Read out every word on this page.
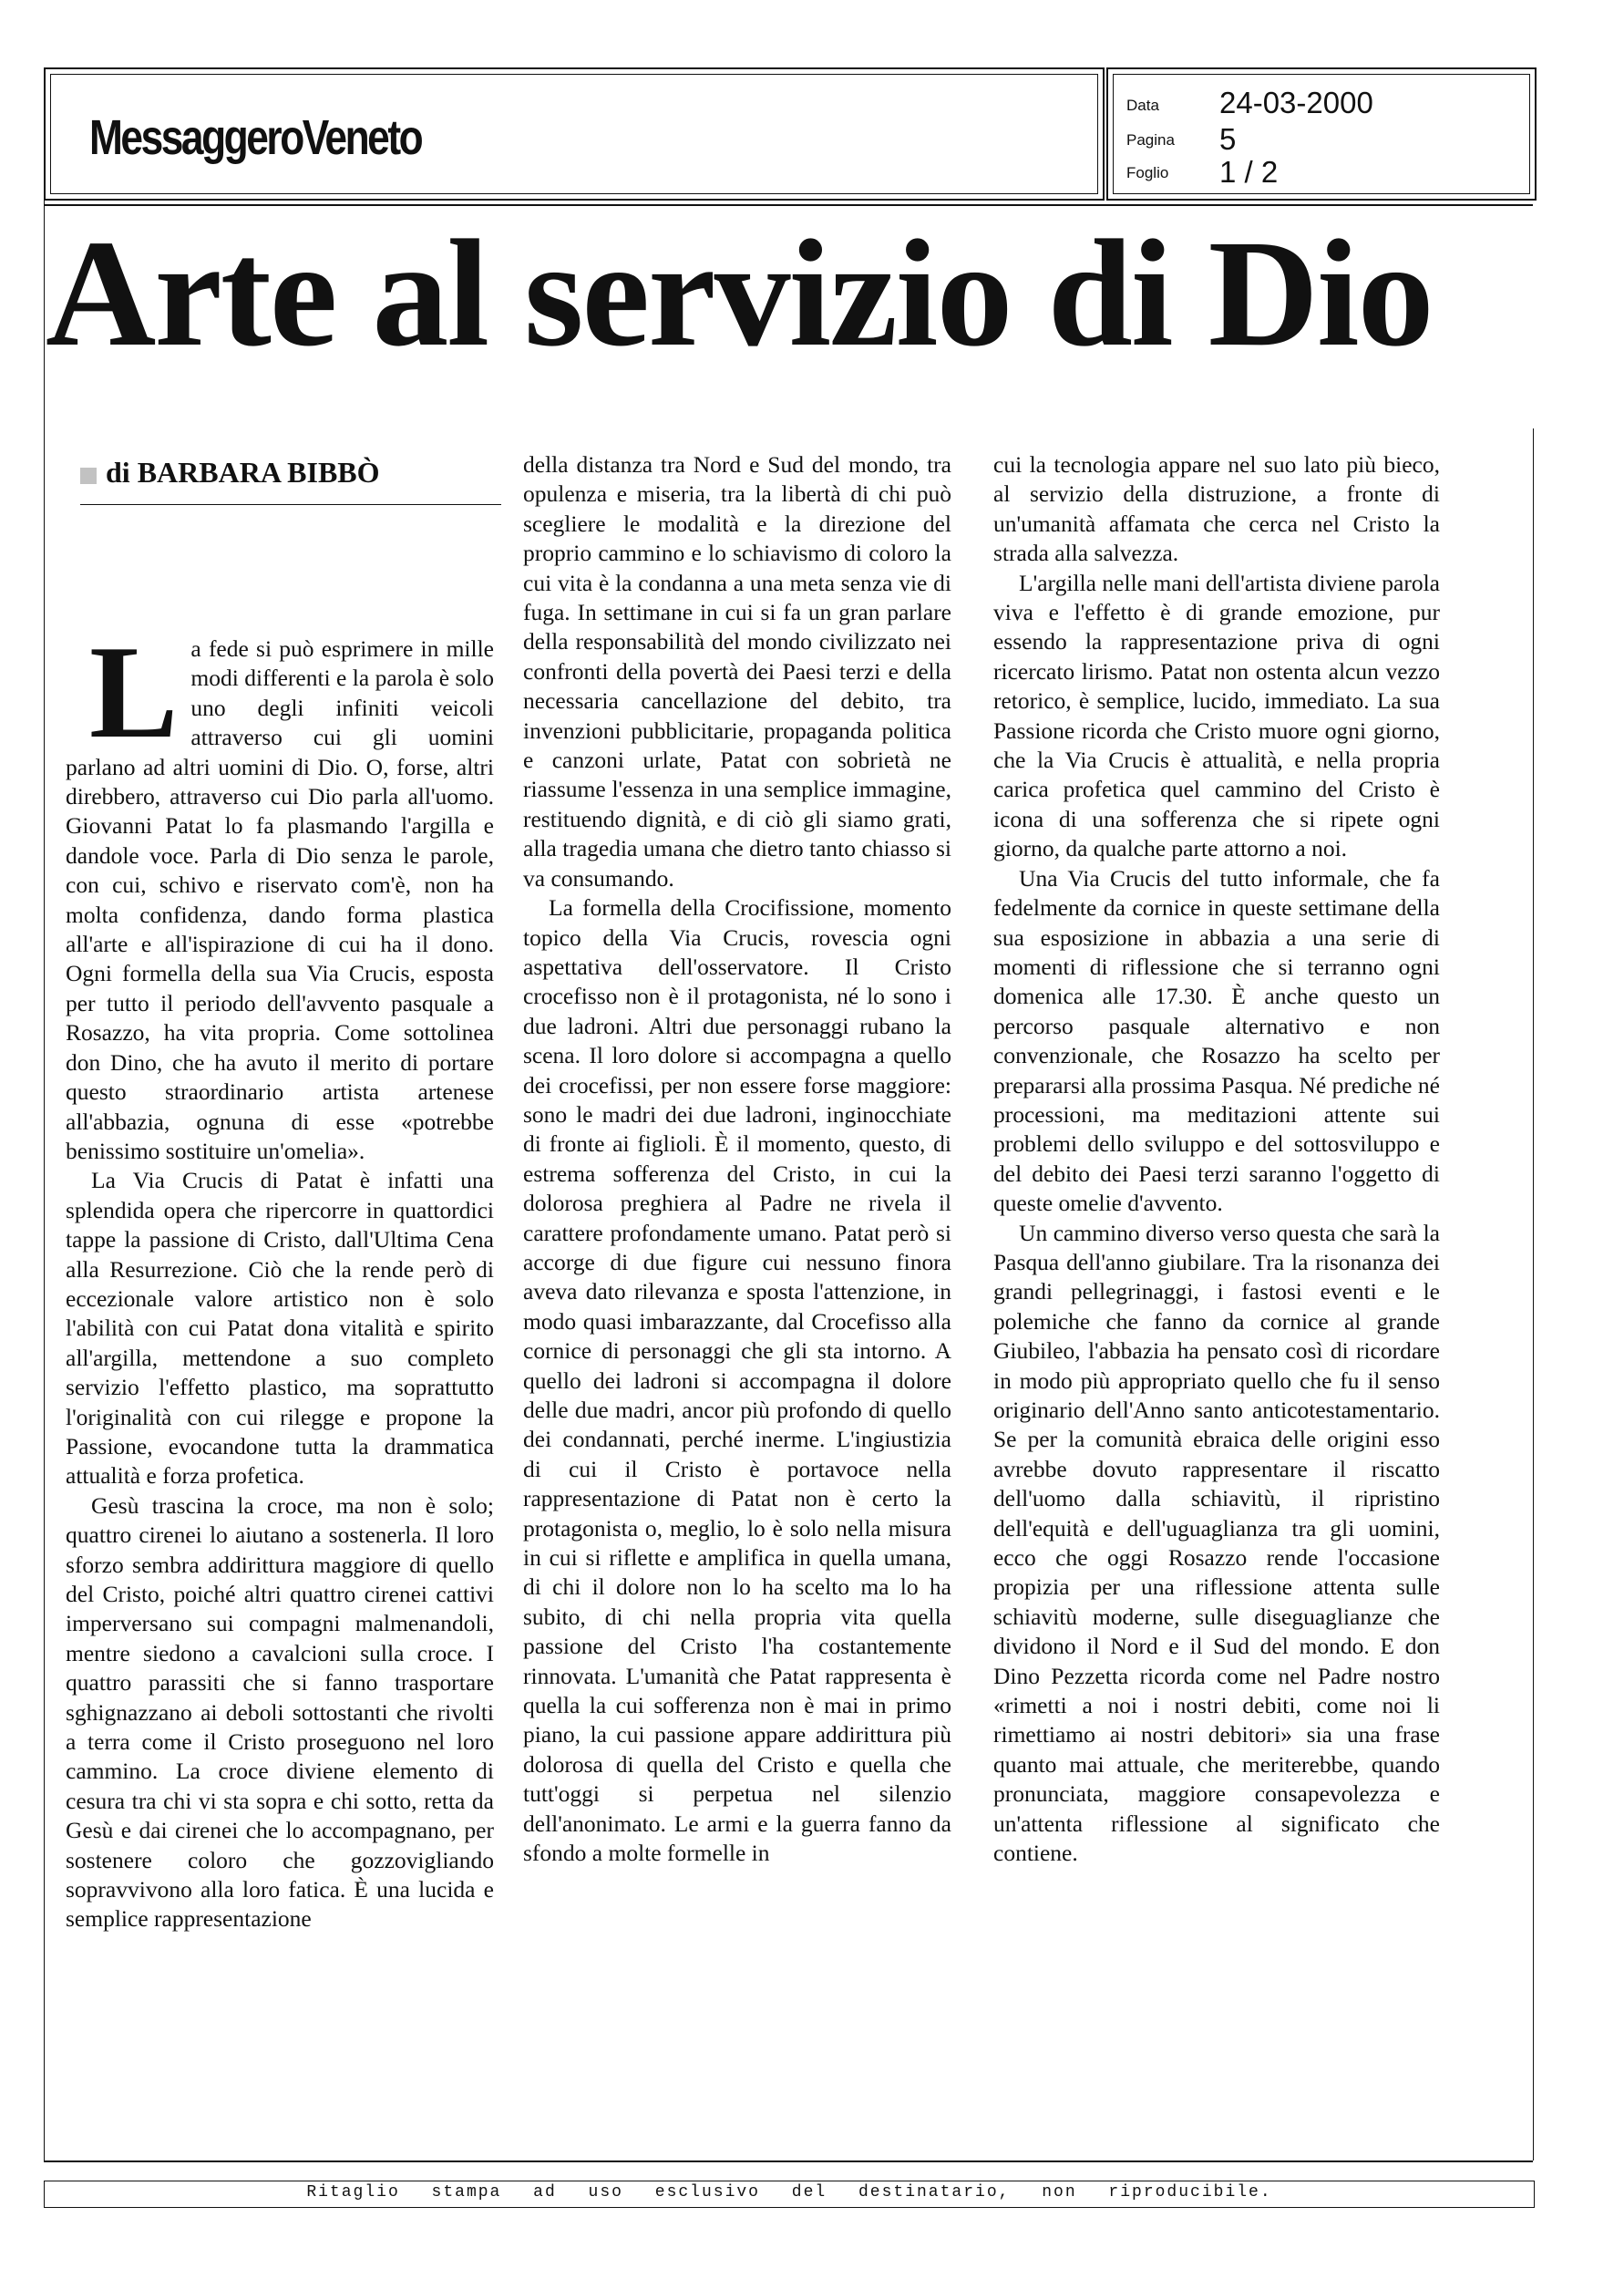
MessaggeroVeneto
Data 24-03-2000
Pagina 5
Foglio 1 / 2
Arte al servizio di Dio
di BARBARA BIBBÒ

La fede si può esprimere in mille modi differenti e la parola è solo uno degli infiniti veicoli attraverso cui gli uomini parlano ad altri uomini di Dio. O, forse, altri direbbero, attraverso cui Dio parla all'uomo. Giovanni Patat lo fa plasmando l'argilla e dandole voce. Parla di Dio senza le parole, con cui, schivo e riservato com'è, non ha molta confidenza, dando forma plastica all'arte e all'ispirazione di cui ha il dono. Ogni formella della sua Via Crucis, esposta per tutto il periodo dell'avvento pasquale a Rosazzo, ha vita propria. Come sottolinea don Dino, che ha avuto il merito di portare questo straordinario artista artenese all'abbazia, ognuna di esse «potrebbe benissimo sostituire un'omelia».

La Via Crucis di Patat è infatti una splendida opera che ripercorre in quattordici tappe la passione di Cristo, dall'Ultima Cena alla Resurrezione. Ciò che la rende però di eccezionale valore artistico non è solo l'abilità con cui Patat dona vitalità e spirito all'argilla, mettendone a suo completo servizio l'effetto plastico, ma soprattutto l'originalità con cui rilegge e propone la Passione, evocandone tutta la drammatica attualità e forza profetica.

Gesù trascina la croce, ma non è solo; quattro cirenei lo aiutano a sostenerla. Il loro sforzo sembra addirittura maggiore di quello del Cristo, poiché altri quattro cirenei cattivi imperversano sui compagni malmenandoli, mentre siedono a cavalcioni sulla croce. I quattro parassiti che si fanno trasportare sghignazzano ai deboli sottostanti che rivolti a terra come il Cristo proseguono nel loro cammino. La croce diviene elemento di cesura tra chi vi sta sopra e chi sotto, retta da Gesù e dai cirenei che lo accompagnano, per sostenere coloro che gozzovigliando sopravvivono alla loro fatica. È una lucida e semplice rappresentazione

della distanza tra Nord e Sud del mondo, tra opulenza e miseria, tra la libertà di chi può scegliere le modalità e la direzione del proprio cammino e lo schiavismo di coloro la cui vita è la condanna a una meta senza vie di fuga. In settimane in cui si fa un gran parlare della responsabilità del mondo civilizzato nei confronti della povertà dei Paesi terzi e della necessaria cancellazione del debito, tra invenzioni pubblicitarie, propaganda politica e canzoni urlate, Patat con sobrietà ne riassume l'essenza in una semplice immagine, restituendo dignità, e di ciò gli siamo grati, alla tragedia umana che dietro tanto chiasso si va consumando.

La formella della Crocifissione, momento topico della Via Crucis, rovescia ogni aspettativa dell'osservatore. Il Cristo crocefisso non è il protagonista, né lo sono i due ladroni. Altri due personaggi rubano la scena. Il loro dolore si accompagna a quello dei crocefissi, per non essere forse maggiore: sono le madri dei due ladroni, inginocchiate di fronte ai figlioli. È il momento, questo, di estrema sofferenza del Cristo, in cui la dolorosa preghiera al Padre ne rivela il carattere profondamente umano. Patat però si accorge di due figure cui nessuno finora aveva dato rilevanza e sposta l'attenzione, in modo quasi imbarazzante, dal Crocefisso alla cornice di personaggi che gli sta intorno. A quello dei ladroni si accompagna il dolore delle due madri, ancor più profondo di quello dei condannati, perché inerme. L'ingiustizia di cui il Cristo è portavoce nella rappresentazione di Patat non è certo la protagonista o, meglio, lo è solo nella misura in cui si riflette e amplifica in quella umana, di chi il dolore non lo ha scelto ma lo ha subito, di chi nella propria vita quella passione del Cristo l'ha costantemente rinnovata. L'umanità che Patat rappresenta è quella la cui sofferenza non è mai in primo piano, la cui passione appare addirittura più dolorosa di quella del Cristo e quella che tutt'oggi si perpetua nel silenzio dell'anonimato. Le armi e la guerra fanno da sfondo a molte formelle in

cui la tecnologia appare nel suo lato più bieco, al servizio della distruzione, a fronte di un'umanità affamata che cerca nel Cristo la strada alla salvezza.

L'argilla nelle mani dell'artista diviene parola viva e l'effetto è di grande emozione, pur essendo la rappresentazione priva di ogni ricercato lirismo. Patat non ostenta alcun vezzo retorico, è semplice, lucido, immediato. La sua Passione ricorda che Cristo muore ogni giorno, che la Via Crucis è attualità, e nella propria carica profetica quel cammino del Cristo è icona di una sofferenza che si ripete ogni giorno, da qualche parte attorno a noi.

Una Via Crucis del tutto informale, che fa fedelmente da cornice in queste settimane della sua esposizione in abbazia a una serie di momenti di riflessione che si terranno ogni domenica alle 17.30. È anche questo un percorso pasquale alternativo e non convenzionale, che Rosazzo ha scelto per prepararsi alla prossima Pasqua. Né prediche né processioni, ma meditazioni attente sui problemi dello sviluppo e del sottosviluppo e del debito dei Paesi terzi saranno l'oggetto di queste omelie d'avvento.

Un cammino diverso verso questa che sarà la Pasqua dell'anno giubilare. Tra la risonanza dei grandi pellegrinaggi, i fastosi eventi e le polemiche che fanno da cornice al grande Giubileo, l'abbazia ha pensato così di ricordare in modo più appropriato quello che fu il senso originario dell'Anno santo anticotestamentario. Se per la comunità ebraica delle origini esso avrebbe dovuto rappresentare il riscatto dell'uomo dalla schiavitù, il ripristino dell'equità e dell'uguaglianza tra gli uomini, ecco che oggi Rosazzo rende l'occasione propizia per una riflessione attenta sulle schiavitù moderne, sulle diseguaglianze che dividono il Nord e il Sud del mondo. E don Dino Pezzetta ricorda come nel Padre nostro «rimetti a noi i nostri debiti, come noi li rimettiamo ai nostri debitori» sia una frase quanto mai attuale, che meriterebbe, quando pronunciata, maggiore consapevolezza e un'attenta riflessione al significato che contiene.

Ritaglio stampa ad uso esclusivo del destinatario, non riproducibile.
